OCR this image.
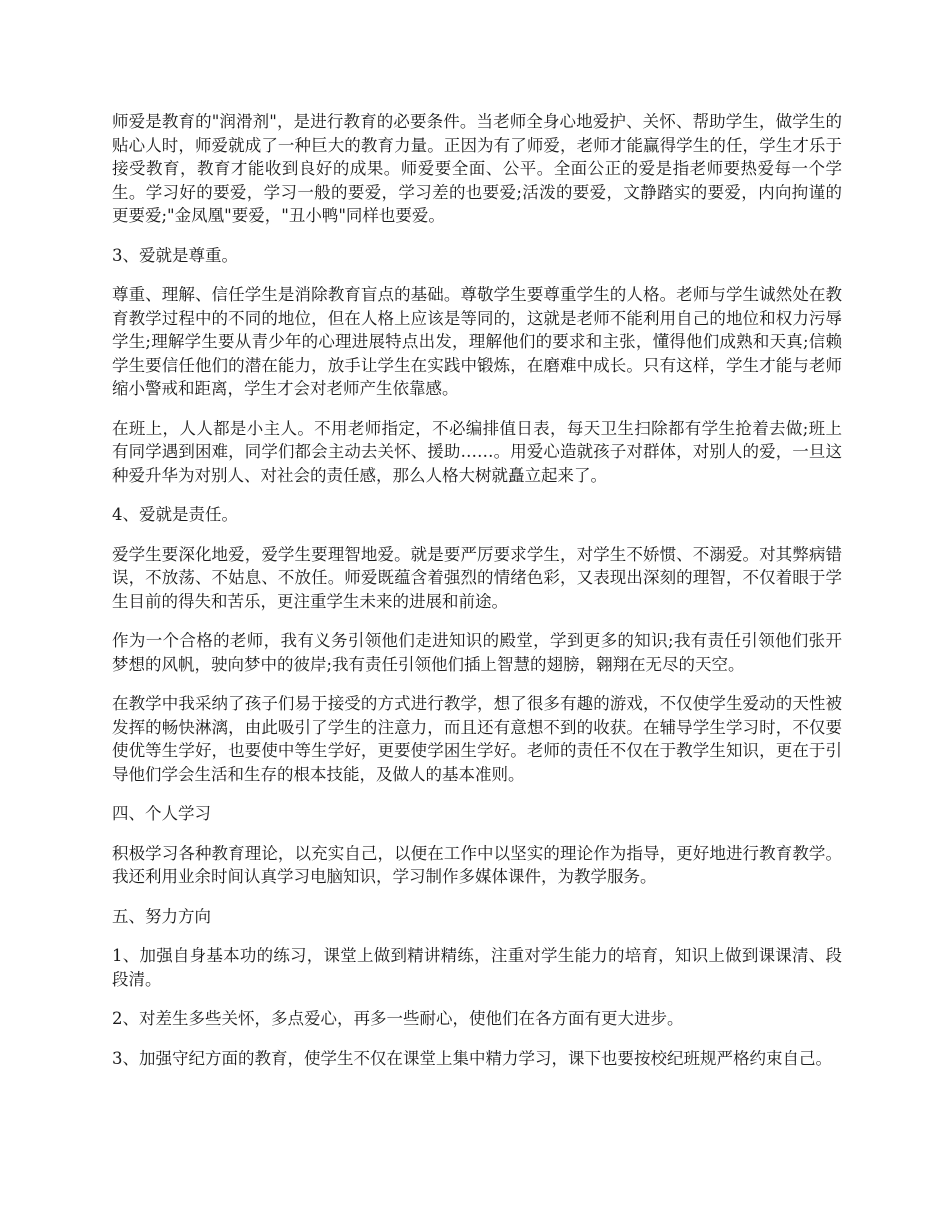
师爱是教育的"润滑剂"，是进行教育的必要条件。当老师全身心地爱护、关怀、帮助学生，做学生的贴心人时，师爱就成了一种巨大的教育力量。正因为有了师爱，老师才能赢得学生的任，学生才乐于接受教育，教育才能收到良好的成果。师爱要全面、公平。全面公正的爱是指老师要热爱每一个学生。学习好的要爱，学习一般的要爱，学习差的也要爱;活泼的要爱，文静踏实的要爱，内向拘谨的更要爱;"金凤凰"要爱，"丑小鸭"同样也要爱。

3、爱就是尊重。

尊重、理解、信任学生是消除教育盲点的基础。尊敬学生要尊重学生的人格。老师与学生诚然处在教育教学过程中的不同的地位，但在人格上应该是等同的，这就是老师不能利用自己的地位和权力污辱学生;理解学生要从青少年的心理进展特点出发，理解他们的要求和主张，懂得他们成熟和天真;信赖学生要信任他们的潜在能力，放手让学生在实践中锻炼，在磨难中成长。只有这样，学生才能与老师缩小警戒和距离，学生才会对老师产生依靠感。

在班上，人人都是小主人。不用老师指定，不必编排值日表，每天卫生扫除都有学生抢着去做;班上有同学遇到困难，同学们都会主动去关怀、援助……。用爱心造就孩子对群体，对别人的爱，一旦这种爱升华为对别人、对社会的责任感，那么人格大树就矗立起来了。

4、爱就是责任。

爱学生要深化地爱，爱学生要理智地爱。就是要严厉要求学生，对学生不娇惯、不溺爱。对其弊病错误，不放荡、不姑息、不放任。师爱既蕴含着强烈的情绪色彩，又表现出深刻的理智，不仅着眼于学生目前的得失和苦乐，更注重学生未来的进展和前途。

作为一个合格的老师，我有义务引领他们走进知识的殿堂，学到更多的知识;我有责任引领他们张开梦想的风帆，驶向梦中的彼岸;我有责任引领他们插上智慧的翅膀，翱翔在无尽的天空。

在教学中我采纳了孩子们易于接受的方式进行教学，想了很多有趣的游戏，不仅使学生爱动的天性被发挥的畅快淋漓，由此吸引了学生的注意力，而且还有意想不到的收获。在辅导学生学习时，不仅要使优等生学好，也要使中等生学好，更要使学困生学好。老师的责任不仅在于教学生知识，更在于引导他们学会生活和生存的根本技能，及做人的基本准则。

四、个人学习

积极学习各种教育理论，以充实自己，以便在工作中以坚实的理论作为指导，更好地进行教育教学。我还利用业余时间认真学习电脑知识，学习制作多媒体课件，为教学服务。

五、努力方向

1、加强自身基本功的练习，课堂上做到精讲精练，注重对学生能力的培育，知识上做到课课清、段段清。

2、对差生多些关怀，多点爱心，再多一些耐心，使他们在各方面有更大进步。

3、加强守纪方面的教育，使学生不仅在课堂上集中精力学习，课下也要按校纪班规严格约束自己。
